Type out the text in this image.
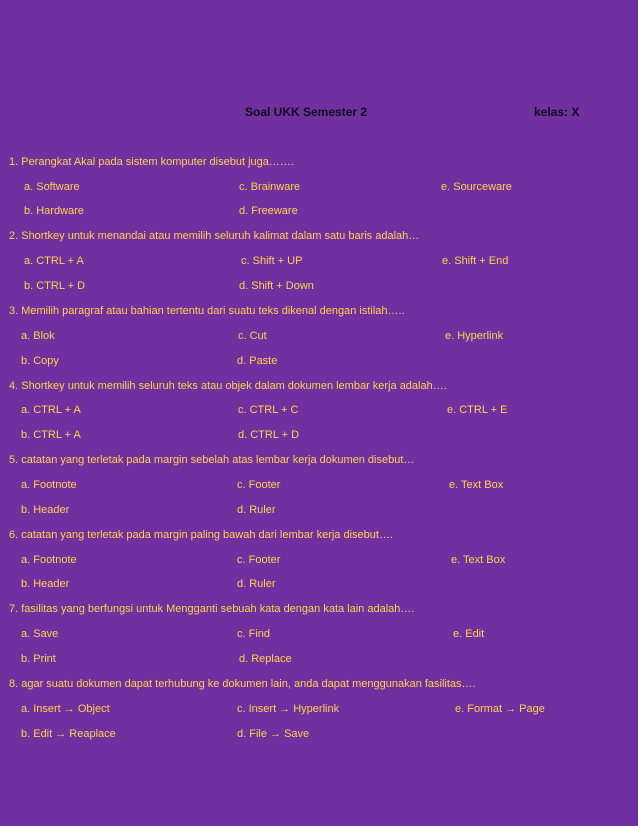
Soal UKK Semester 2	kelas: X
1. Perangkat Akal pada sistem komputer disebut juga…….
a. Software	c. Brainware	e. Sourceware
b. Hardware	d. Freeware
2. Shortkey untuk menandai atau memilih seluruh kalimat dalam satu baris adalah…
a. CTRL + A	c. Shift + UP	e. Shift + End
b. CTRL + D	d. Shift + Down
3. Memilih paragraf atau bahian tertentu dari suatu teks dikenal dengan istilah…..
a. Blok	c. Cut	e. Hyperlink
b. Copy	d. Paste
4. Shortkey untuk memilih seluruh teks atau objek dalam dokumen lembar kerja adalah….
a. CTRL + A	c. CTRL + C	e. CTRL + E
b. CTRL + A	d. CTRL + D
5. catatan yang terletak pada margin sebelah atas lembar kerja dokumen disebut…
a. Footnote	c. Footer	e. Text Box
b. Header	d. Ruler
6. catatan yang terletak pada margin paling bawah dari lembar kerja disebut….
a. Footnote	c. Footer	e. Text Box
b. Header	d. Ruler
7. fasilitas yang berfungsi untuk Mengganti sebuah kata dengan kata lain adalah….
a. Save	c. Find	e. Edit
b. Print	d. Replace
8. agar suatu dokumen dapat terhubung ke dokumen lain, anda dapat menggunakan fasilitas….
a. Insert → Object	c. Insert → Hyperlink	e. Format → Page
b. Edit → Reaplace	d. File → Save
